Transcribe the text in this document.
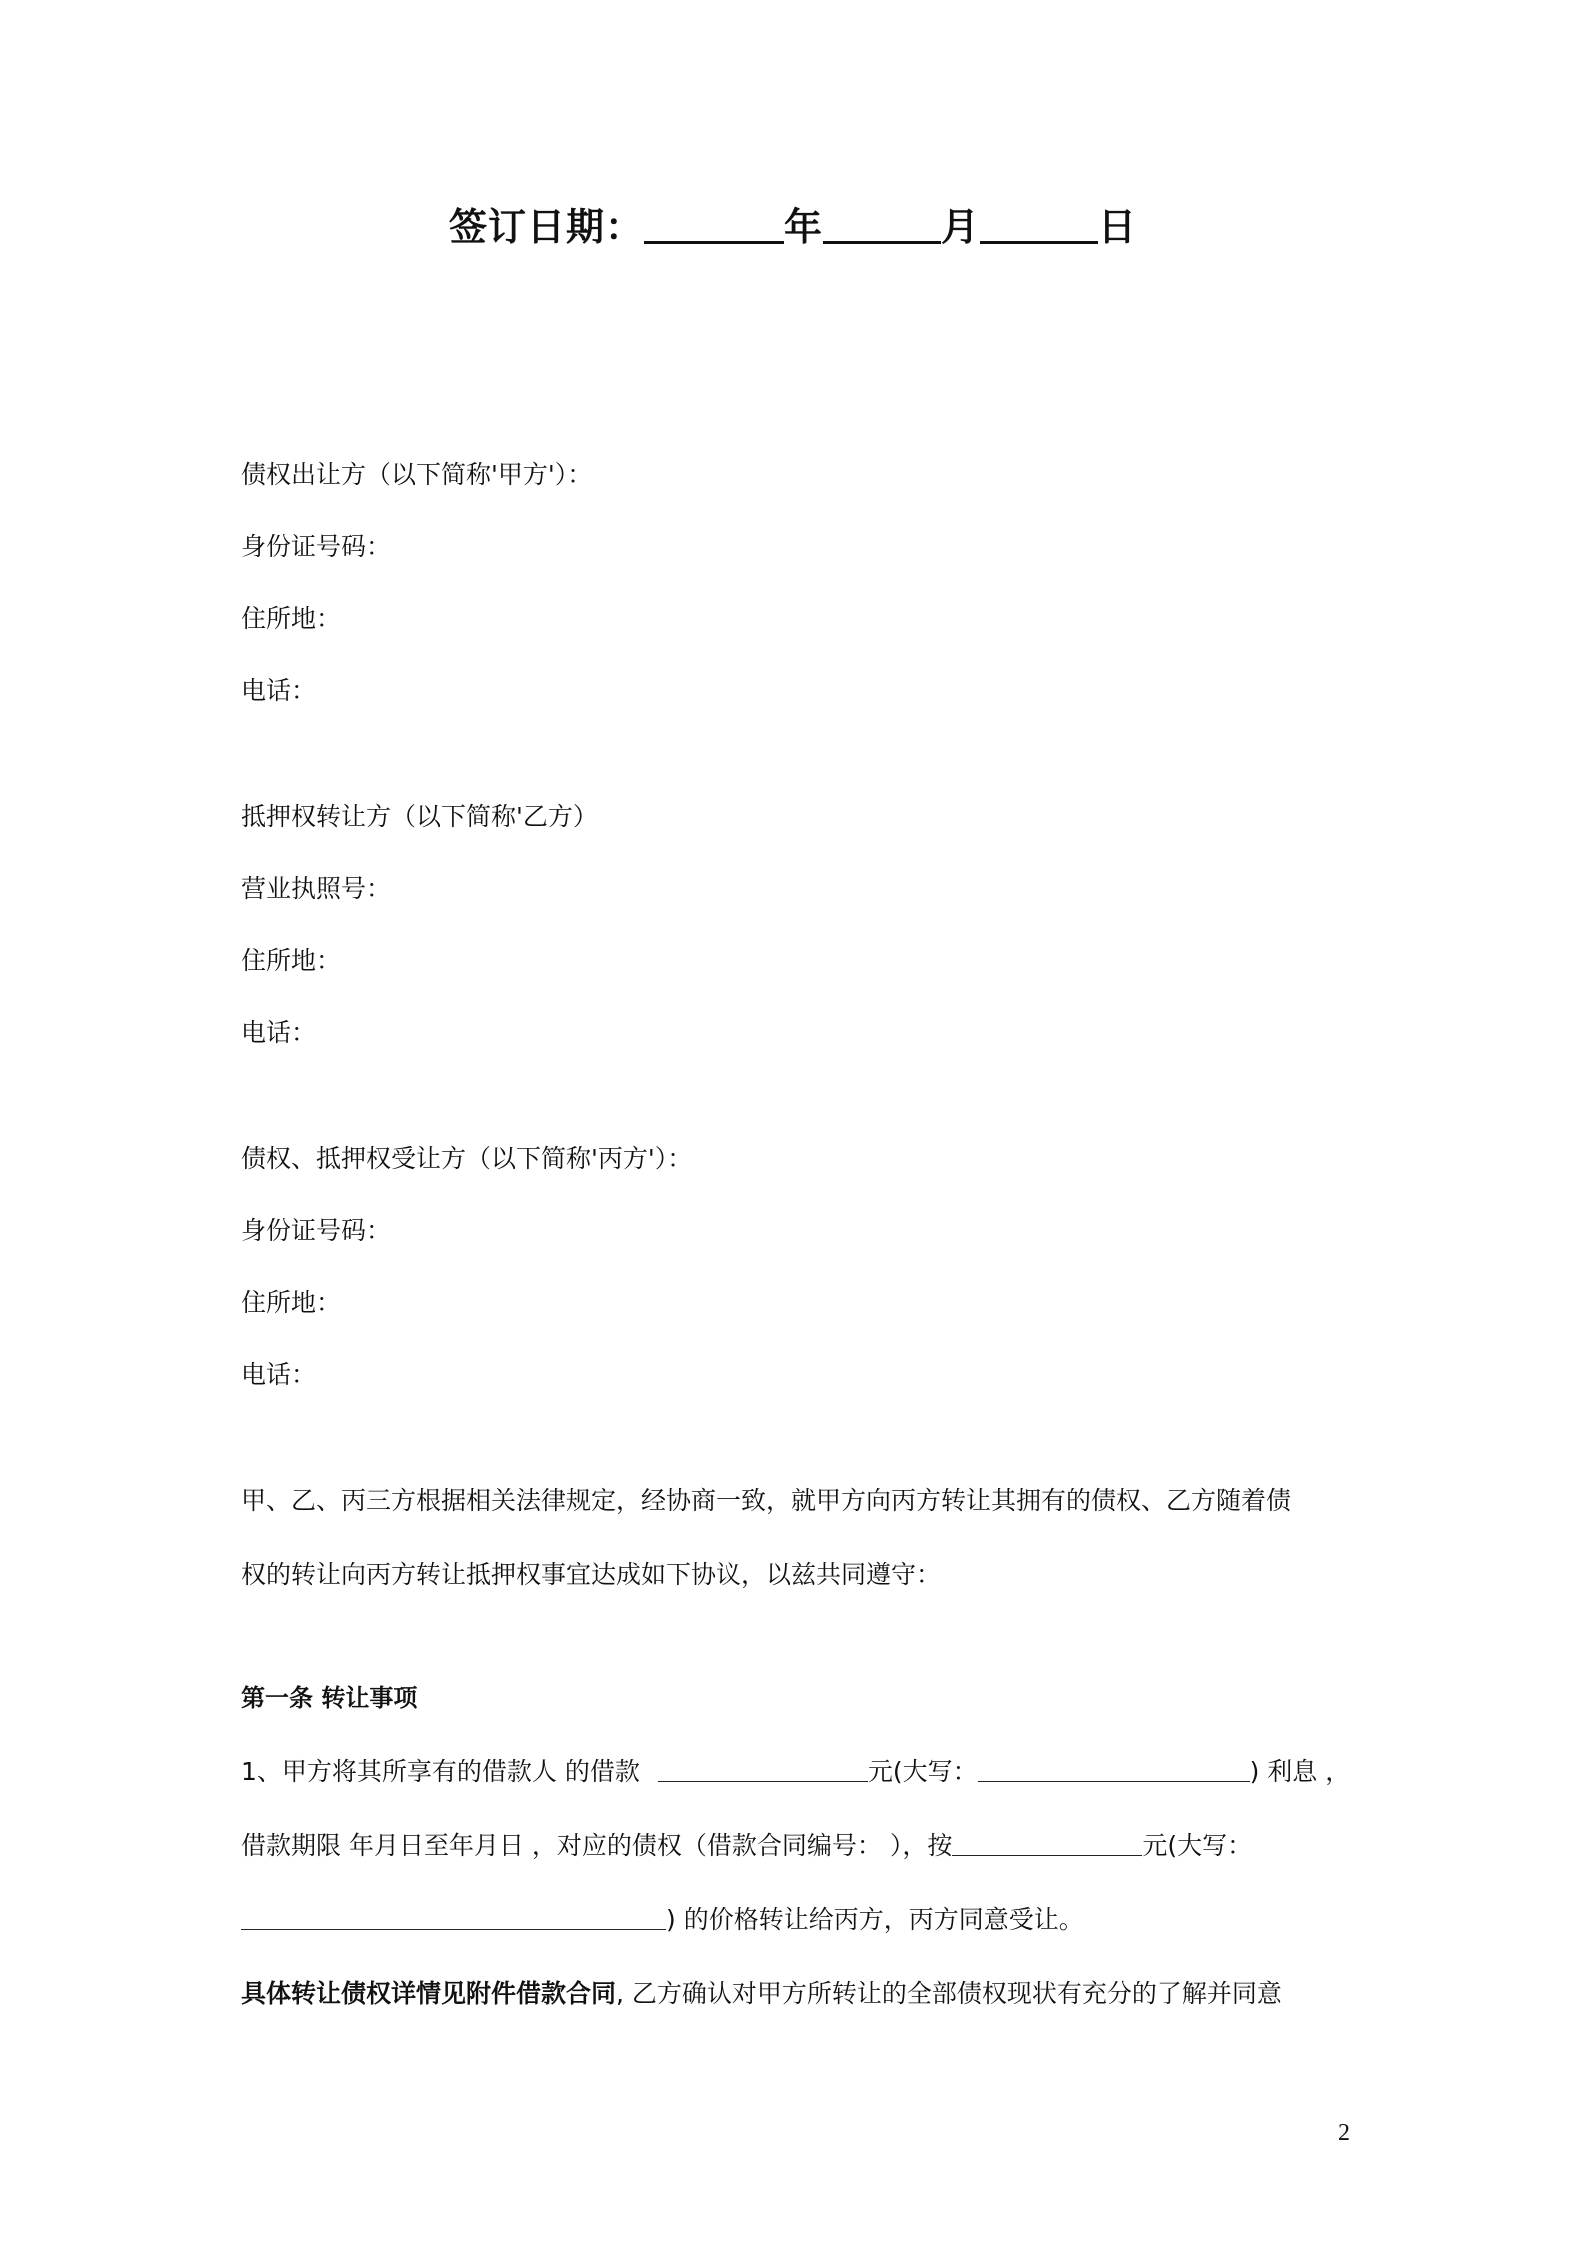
签订日期：	年	月	日
债权出让方（以下简称'甲方'）：
身份证号码：
住所地：
电话：
抵押权转让方（以下简称'乙方）
营业执照号：
住所地：
电话：
债权、抵押权受让方（以下简称'丙方'）：
身份证号码：
住所地：
电话：
甲、乙、丙三方根据相关法律规定，经协商一致，就甲方向丙方转让其拥有的债权、乙方随着债
权的转让向丙方转让抵押权事宜达成如下协议，以兹共同遵守：
第一条 转让事项
1、甲方将其所享有的借款人 的借款	元(大写：	) 利息 ，
借款期限 年月日至年月日 ，对应的债权（借款合同编号： ），按	元(大写：
) 的价格转让给丙方，丙方同意受让。
具体转让债权详情见附件借款合同, 乙方确认对甲方所转让的全部债权现状有充分的了解并同意
2
